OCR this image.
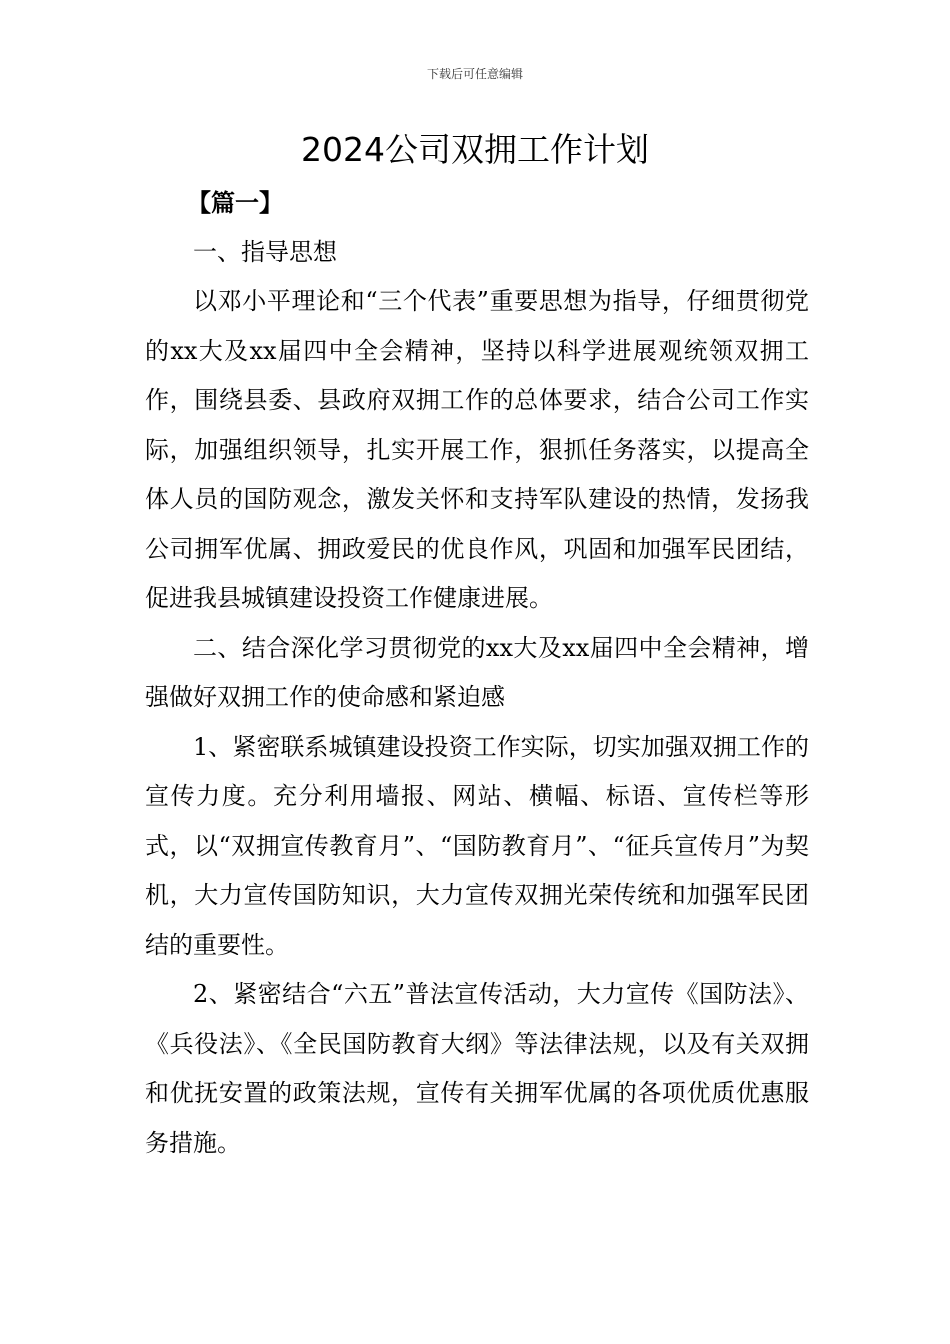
下载后可任意编辑
2024公司双拥工作计划

【篇一】

一、指导思想

以邓小平理论和“三个代表”重要思想为指导，仔细贯彻党的xx大及xx届四中全会精神，坚持以科学进展观统领双拥工作，围绕县委、县政府双拥工作的总体要求，结合公司工作实际，加强组织领导，扎实开展工作，狠抓任务落实，以提高全体人员的国防观念，激发关怀和支持军队建设的热情，发扬我公司拥军优属、拥政爱民的优良作风，巩固和加强军民团结，促进我县城镇建设投资工作健康进展。

二、结合深化学习贯彻党的xx大及xx届四中全会精神，增强做好双拥工作的使命感和紧迫感

1、紧密联系城镇建设投资工作实际，切实加强双拥工作的宣传力度。充分利用墙报、网站、横幅、标语、宣传栏等形式，以“双拥宣传教育月”、“国防教育月”、“征兵宣传月”为契机，大力宣传国防知识，大力宣传双拥光荣传统和加强军民团结的重要性。

2、紧密结合“六五”普法宣传活动，大力宣传《国防法》、《兵役法》、《全民国防教育大纲》等法律法规，以及有关双拥和优抚安置的政策法规，宣传有关拥军优属的各项优质优惠服务措施。
